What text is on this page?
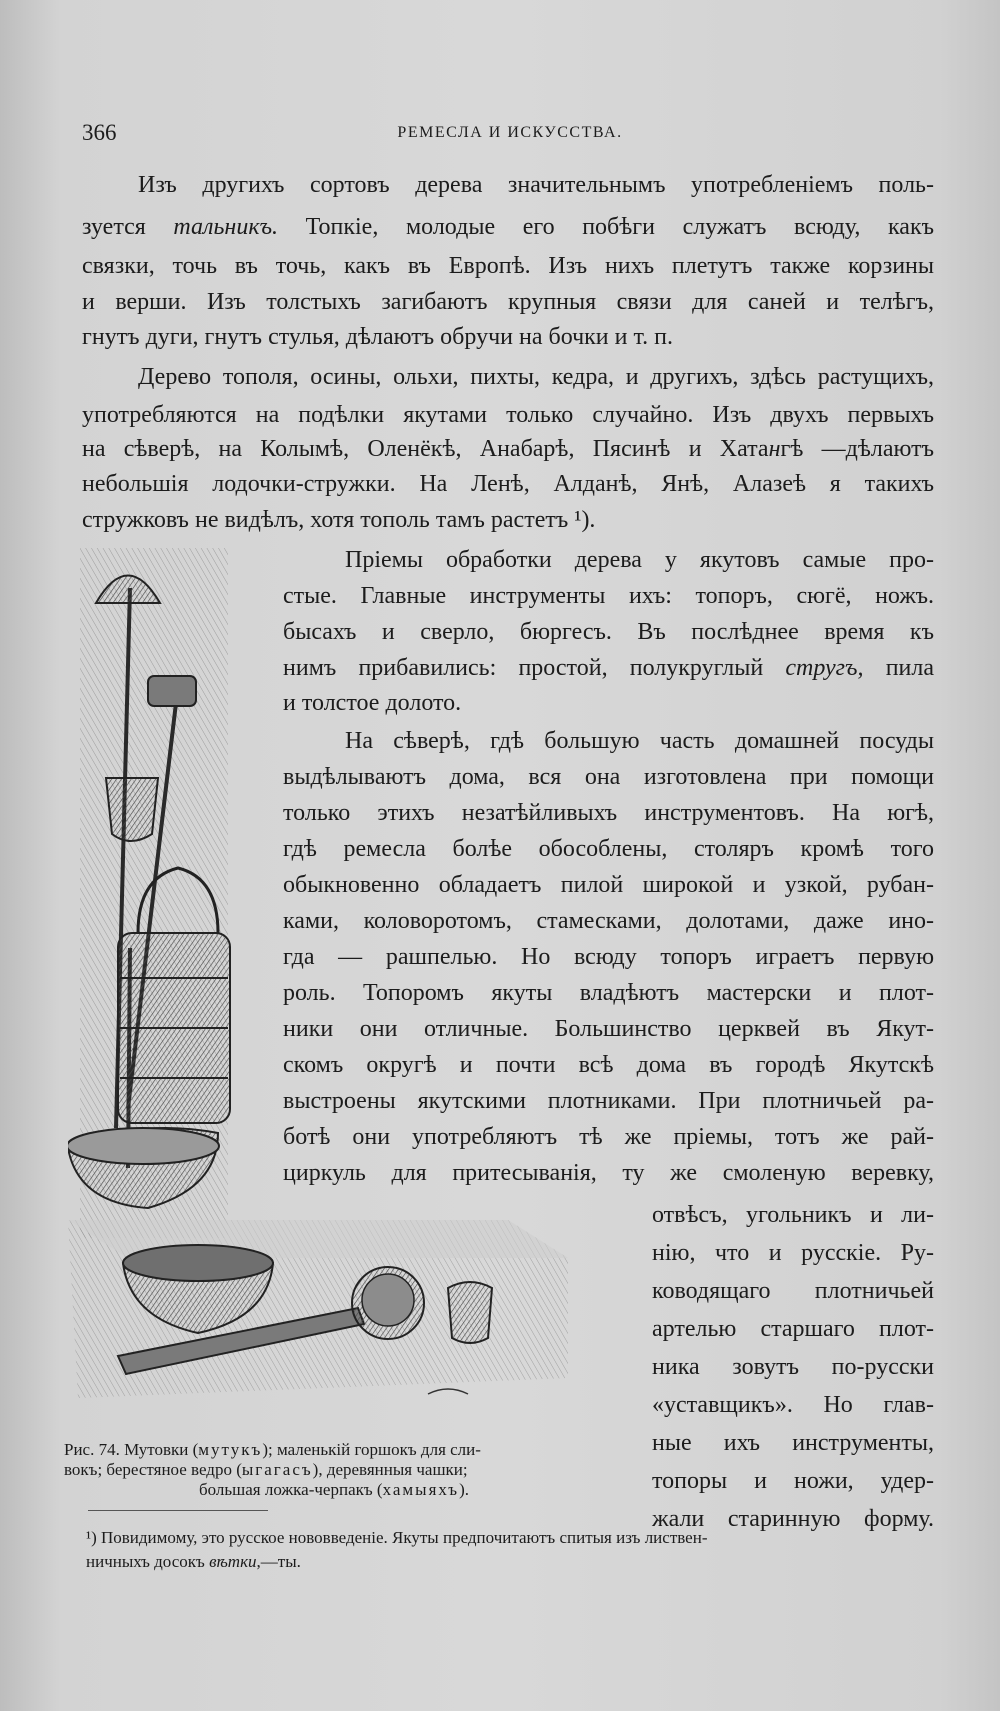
366	РЕМЕСЛА И ИСКУССТВА.
Изъ другихъ сортовъ дерева значительнымъ употребленіемъ поль-
зуется тальникъ. Топкіе, молодые его побѣги служатъ всюду, какъ
связки, точь въ точь, какъ въ Европѣ. Изъ нихъ плетутъ также корзины
и верши. Изъ толстыхъ загибаютъ крупныя связи для саней и телѣгъ,
гнутъ дуги, гнутъ стулья, дѣлаютъ обручи на бочки и т. п.
Дерево тополя, осины, ольхи, пихты, кедра, и другихъ, здѣсь растущихъ,
употребляются на подѣлки якутами только случайно. Изъ двухъ первыхъ
на сѣверѣ, на Колымѣ, Оленёкѣ, Анабарѣ, Пясинѣ и Хатангѣ —дѣлаютъ
небольшія лодочки-стружки. На Ленѣ, Алданѣ, Янѣ, Алазеѣ я такихъ
стружковъ не видѣлъ, хотя тополь тамъ растетъ ¹).
Пріемы обработки дерева у якутовъ самые про-
стые. Главные инструменты ихъ: топоръ, сюгё, ножъ.
бысахъ и сверло, бюргесъ. Въ послѣднее время къ
нимъ прибавились: простой, полукруглый стругъ, пила
и толстое долото.
На сѣверѣ, гдѣ большую часть домашней посуды
выдѣлываютъ дома, вся она изготовлена при помощи
только этихъ незатѣйливыхъ инструментовъ. На югѣ,
гдѣ ремесла болѣе обособлены, столяръ кромѣ того
обыкновенно обладаетъ пилой широкой и узкой, рубан-
ками, коловоротомъ, стамесками, долотами, даже ино-
гда — рашпелью. Но всюду топоръ играетъ первую
роль. Топоромъ якуты владѣютъ мастерски и плот-
ники они отличные. Большинство церквей въ Якут-
скомъ округѣ и почти всѣ дома въ городѣ Якутскѣ
выстроены якутскими плотниками. При плотничьей ра-
ботѣ они употребляютъ тѣ же пріемы, тотъ же рай-
циркуль для притесыванія, ту же смоленую веревку,
отвѣсъ, угольникъ и ли-
нію, что и русскіе. Ру-
ководящаго плотничьей
артелью старшаго плот-
ника зовутъ по-русски
«уставщикъ». Но глав-
ные ихъ инструменты,
топоры и ножи, удер-
жали старинную форму.
Рис. 74. Мутовки (мутукъ); маленькій горшокъ для сли-
вокъ; берестяное ведро (ыгагасъ), деревянныя чашки;
большая ложка-черпакъ (хамыяхъ).
¹) Повидимому, это русское нововведеніе. Якуты предпочитаютъ спитыя изъ листвен-
ничныхъ досокъ вѣтки,—ты.
